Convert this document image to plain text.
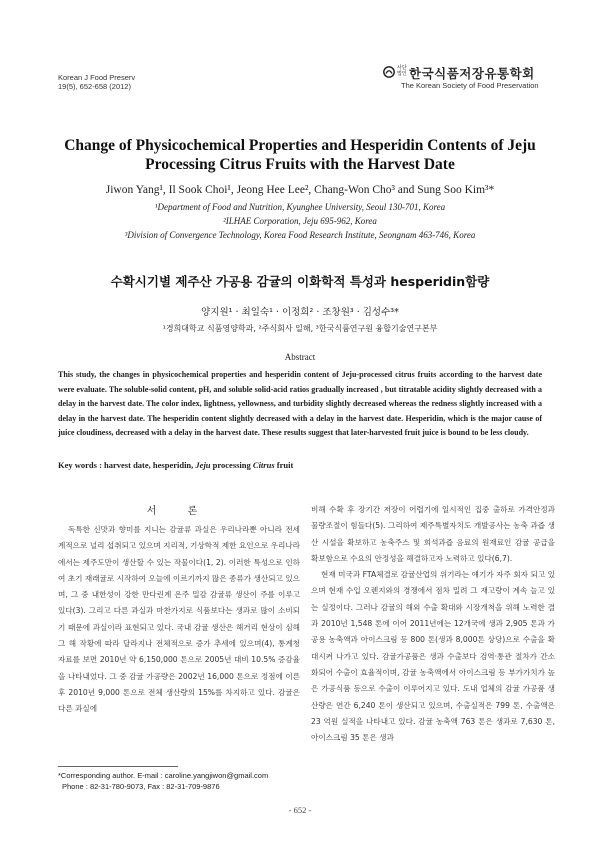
Korean J Food Preserv
19(5), 652-658 (2012)
사단법인 한국식품저장유통학회
The Korean Society of Food Preservation
Change of Physicochemical Properties and Hesperidin Contents of Jeju Processing Citrus Fruits with the Harvest Date
Jiwon Yang¹, Il Sook Choi¹, Jeong Hee Lee², Chang-Won Cho³ and Sung Soo Kim³*
¹Department of Food and Nutrition, Kyunghee University, Seoul 130-701, Korea
²ILHAE Corporation, Jeju 695-962, Korea
³Division of Convergence Technology, Korea Food Research Institute, Seongnam 463-746, Korea
수확시기별 제주산 가공용 감귤의 이화학적 특성과 hesperidin함량
양지원¹ · 최일숙¹ · 이정희² · 조창원³ · 김성수³*
¹경희대학교 식품영양학과, ²주식회사 일해, ³한국식품연구원 융합기술연구본부
Abstract
This study, the changes in physicochemical properties and hesperidin content of Jeju-processed citrus fruits according to the harvest date were evaluate. The soluble-solid content, pH, and soluble solid-acid ratios gradually increased , but titratable acidity slightly decreased with a delay in the harvest date. The color index, lightness, yellowness, and turbidity slightly decreased whereas the redness slightly increased with a delay in the harvest date. The hesperidin content slightly decreased with a delay in the harvest date. Hesperidin, which is the major cause of juice cloudiness, decreased with a delay in the harvest date. These results suggest that later-harvested fruit juice is bound to be less cloudy.
Key words : harvest date, hesperidin, Jeju processing Citrus fruit
서 론

독특한 신맛과 향미를 지니는 감귤류 과실은 우리나라뿐 아니라 전세계적으로 널리 섭취되고 있으며 지리적, 기상학적 제한 요인으로 우리나라에서는 제주도만이 생산할 수 있는 작물이다(1, 2). 이러한 특성으로 인하여 초기 재래귤로 시작하여 오늘에 이르기까지 많은 종류가 생산되고 있으며, 그 중 내한성이 강한 만다린계 온주 밀감 감귤류 생산이 주를 이루고 있다(3). 그리고 다른 과실과 마찬가지로 식품보다는 생과로 많이 소비되기 때문에 과실이라 표현되고 있다. 국내 감귤 생산은 해거리 현상이 심해 그 해 작황에 따라 달라지나 전체적으로 증가 추세에 있으며(4), 통계청 자료를 보면 2010년 약 6,150,000 톤으로 2005년 대비 10.5% 증감율을 나타내었다. 그 중 감귤 가공량은 2002년 16,000 톤으로 정점에 이른 후 2010년 9,000 톤으로 전체 생산량의 15%를 차지하고 있다. 감귤은 다른 과실에

비해 수확 후 장기간 저장이 어렵기에 일시적인 집중 출하로 가격안정과 물량조절이 힘들다(5). 그리하여 제주특별자치도 개발공사는 농축 과즙 생산 시설을 확보하고 농축주스 및 희석과즙 음료의 원재료인 감귤 공급을 확보함으로 수요의 안정성을 해결하고자 노력하고 있다(6,7).

현재 미국과 FTA체결로 감귤산업의 위기라는 얘기가 자주 회자 되고 있으며 현재 수입 오렌지와의 경쟁에서 점차 밀려 그 재고량이 계속 늘고 있는 실정이다. 그러나 감귤의 해외 수출 확대와 시장개척을 위해 노력한 결과 2010년 1,548 톤에 이어 2011년에는 12개국에 생과 2,905 톤과 가공용 농축액과 아이스크림 등 800 톤(생과 8,000톤 상당)으로 수출을 확대시켜 나가고 있다. 감귤가공품은 생과 수출보다 검역·통관 절차가 간소화되어 수출이 효율적이며, 감귤 농축액에서 아이스크림 등 부가가치가 높은 가공식품 등으로 수출이 이루어지고 있다. 도내 업체의 감귤 가공품 생산량은 연간 6,240 톤이 생산되고 있으며, 수출실적은 799 톤, 수출액은 23 억원 실적을 나타내고 있다. 감귤 농축액 763 톤은 생과로 7,630 톤, 아이스크림 35 톤은 생과

*Corresponding author. E-mail : caroline.yangjiwon@gmail.com
Phone : 82-31-780-9073, Fax : 82-31-709-9876
- 652 -
